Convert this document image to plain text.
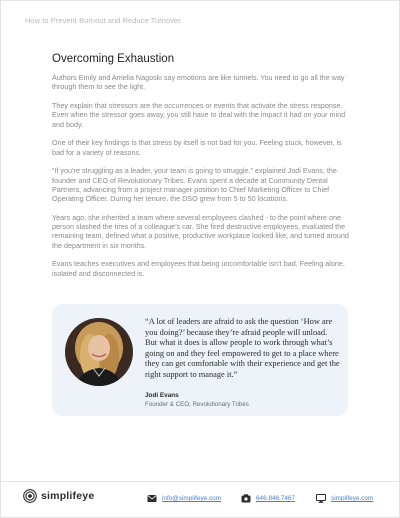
How to Prevent Burnout and Reduce Turnover
Overcoming Exhaustion

Authors Emily and Amelia Nagoski say emotions are like tunnels. You need to go all the way through them to see the light.

They explain that stressors are the occurrences or events that activate the stress response. Even when the stressor goes away, you still have to deal with the impact it had on your mind and body.

One of their key findings is that stress by itself is not bad for you. Feeling stuck, however, is bad for a variety of reasons.

“If you’re struggling as a leader, your team is going to struggle,” explained Jodi Evans, the founder and CEO of Revolutionary Tribes. Evans spent a decade at Community Dental Partners, advancing from a project manager position to Chief Marketing Officer to Chief Operating Officer. During her tenure, the DSO grew from 5 to 50 locations.

Years ago, she inherited a team where several employees clashed - to the point where one person slashed the tires of a colleague’s car. She fired destructive employees, evaluated the remaining team, defined what a positive, productive workplace looked like, and turned around the department in six months.

Evans teaches executives and employees that being uncomfortable isn’t bad. Feeling alone, isolated and disconnected is.

“A lot of leaders are afraid to ask the question ‘How are you doing?’ because they’re afraid people will unload. But what it does is allow people to work through what’s going on and they feel empowered to get to a place where they can get comfortable with their experience and get the right support to manage it.”
Jodi Evans
Founder & CEO, Revolutionary Tribes
simplifeye	info@simplifeye.com	646.846.7467	simplifeye.com
